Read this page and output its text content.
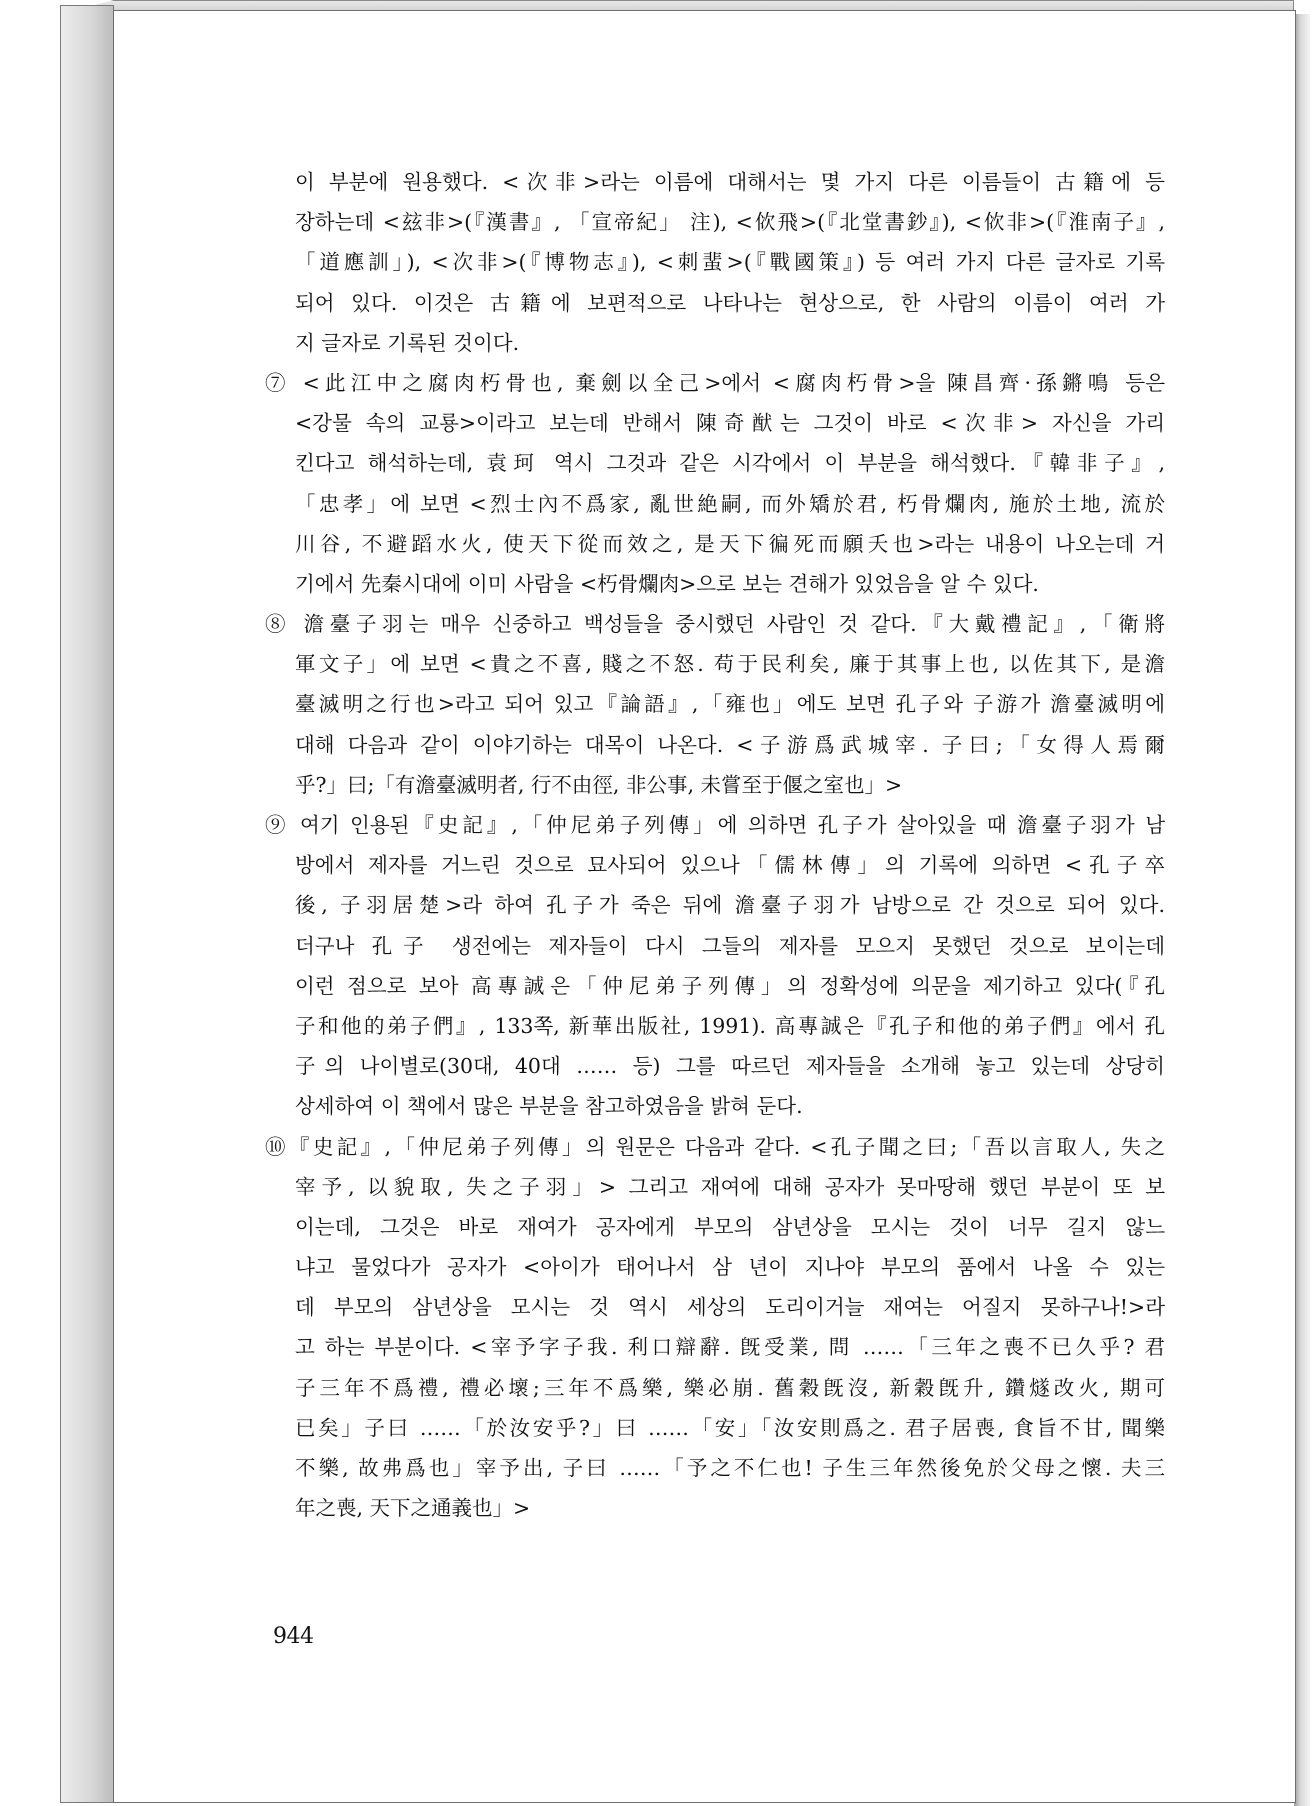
이 부분에 원용했다. <次非>라는 이름에 대해서는 몇 가지 다른 이름들이 古籍에 등
장하는데 <玆非>(『漢書』, 「宣帝紀」 注), <佽飛>(『北堂書鈔』), <佽非>(『淮南子』,
「道應訓」), <次非>(『博物志』), <刺蜚>(『戰國策』) 등 여러 가지 다른 글자로 기록
되어 있다. 이것은 古籍에 보편적으로 나타나는 현상으로, 한 사람의 이름이 여러 가
지 글자로 기록된 것이다.
⑦ <此江中之腐肉朽骨也, 棄劍以全己>에서 <腐肉朽骨>을 陳昌齊·孫鏘鳴 등은
<강물 속의 교룡>이라고 보는데 반해서 陳奇猷는 그것이 바로 <次非> 자신을 가리
킨다고 해석하는데, 袁珂 역시 그것과 같은 시각에서 이 부분을 해석했다.『韓非子』,
「忠孝」에 보면 <烈士內不爲家, 亂世絶嗣, 而外矯於君, 朽骨爛肉, 施於土地, 流於
川谷, 不避蹈水火, 使天下從而效之, 是天下徧死而願夭也>라는 내용이 나오는데 거
기에서 先秦시대에 이미 사람을 <朽骨爛肉>으로 보는 견해가 있었음을 알 수 있다.
⑧ 澹臺子羽는 매우 신중하고 백성들을 중시했던 사람인 것 같다.『大戴禮記』,「衛將
軍文子」에 보면 <貴之不喜, 賤之不怒. 苟于民利矣, 廉于其事上也, 以佐其下, 是澹
臺滅明之行也>라고 되어 있고『論語』,「雍也」에도 보면 孔子와 子游가 澹臺滅明에
대해 다음과 같이 이야기하는 대목이 나온다. <子游爲武城宰. 子曰;「女得人焉爾
乎?」曰;「有澹臺滅明者, 行不由徑, 非公事, 未嘗至于偃之室也」>
⑨ 여기 인용된『史記』,「仲尼弟子列傳」에 의하면 孔子가 살아있을 때 澹臺子羽가 남
방에서 제자를 거느린 것으로 묘사되어 있으나「儒林傳」의 기록에 의하면 <孔子卒
後, 子羽居楚>라 하여 孔子가 죽은 뒤에 澹臺子羽가 남방으로 간 것으로 되어 있다.
더구나 孔子 생전에는 제자들이 다시 그들의 제자를 모으지 못했던 것으로 보이는데
이런 점으로 보아 高專誠은「仲尼弟子列傳」의 정확성에 의문을 제기하고 있다(『孔
子和他的弟子們』, 133쪽, 新華出版社, 1991). 高專誠은『孔子和他的弟子們』에서 孔
子의 나이별로(30대, 40대 …… 등) 그를 따르던 제자들을 소개해 놓고 있는데 상당히
상세하여 이 책에서 많은 부분을 참고하였음을 밝혀 둔다.
⑩『史記』,「仲尼弟子列傳」의 원문은 다음과 같다. <孔子聞之曰;「吾以言取人, 失之
宰予, 以貌取, 失之子羽」> 그리고 재여에 대해 공자가 못마땅해 했던 부분이 또 보
이는데, 그것은 바로 재여가 공자에게 부모의 삼년상을 모시는 것이 너무 길지 않느
냐고 물었다가 공자가 <아이가 태어나서 삼 년이 지나야 부모의 품에서 나올 수 있는
데 부모의 삼년상을 모시는 것 역시 세상의 도리이거늘 재여는 어질지 못하구나!>라
고 하는 부분이다. <宰予字子我. 利口辯辭. 旣受業, 問 ……「三年之喪不已久乎? 君
子三年不爲禮, 禮必壞;三年不爲樂, 樂必崩. 舊穀旣沒, 新穀旣升, 鑽燧改火, 期可
已矣」子曰 ……「於汝安乎?」曰 ……「安」「汝安則爲之. 君子居喪, 食旨不甘, 聞樂
不樂, 故弗爲也」宰予出, 子曰 ……「予之不仁也! 子生三年然後免於父母之懷. 夫三
年之喪, 天下之通義也」>
944
